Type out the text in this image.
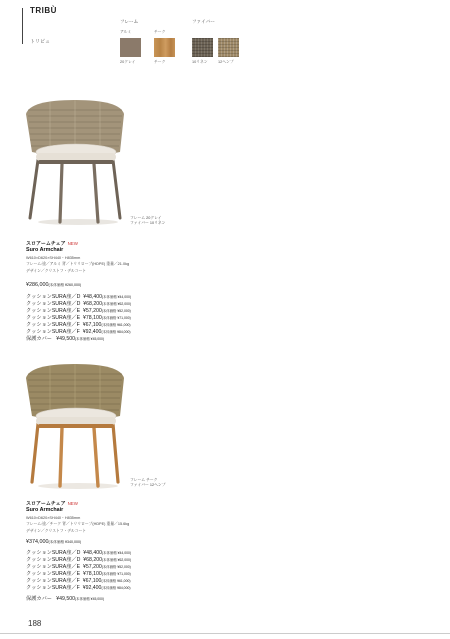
TRIBÙ
トリビュ
フレーム	ファイバー
アルミ	チーク
20クレイ	チーク	10リネン	12ヘンプ
フレーム 20クレイ
ファイバー 10リネン
スロアームチェア NEW
Suro Armchair
W610×D620×SH440・H835mm
フレーム:塗／アルミ 背／トリリロープ(HDPE) 重量／21.0kg
デザイン／クリストフ・デルコート
¥286,000(本体価格 ¥260,000)
クッションSURA座／D ¥48,400(本体価格 ¥44,000)
クッションSURA座／D ¥68,200(本体価格 ¥62,000)
クッションSURA座／E ¥57,200(本体価格 ¥52,000)
クッションSURA座／E ¥78,100(本体価格 ¥71,000)
クッションSURA座／F ¥67,100(本体価格 ¥61,000)
クッションSURA座／F ¥92,400(本体価格 ¥84,000)
保護カバー ¥49,500(本体価格 ¥45,000)
フレーム チーク
ファイバー 12ヘンプ
スロアームチェア NEW
Suro Armchair
W610×D620×SH440・H835mm
フレーム:塗／チーク 背／トリリロープ(HDPE) 重量／15.6kg
デザイン／クリストフ・デルコート
¥374,000(本体価格 ¥340,000)
クッションSURA座／D ¥48,400(本体価格 ¥44,000)
クッションSURA座／D ¥68,200(本体価格 ¥62,000)
クッションSURA座／E ¥57,200(本体価格 ¥52,000)
クッションSURA座／E ¥78,100(本体価格 ¥71,000)
クッションSURA座／F ¥67,100(本体価格 ¥61,000)
クッションSURA座／F ¥92,400(本体価格 ¥84,000)
保護カバー ¥49,500(本体価格 ¥45,000)
188
